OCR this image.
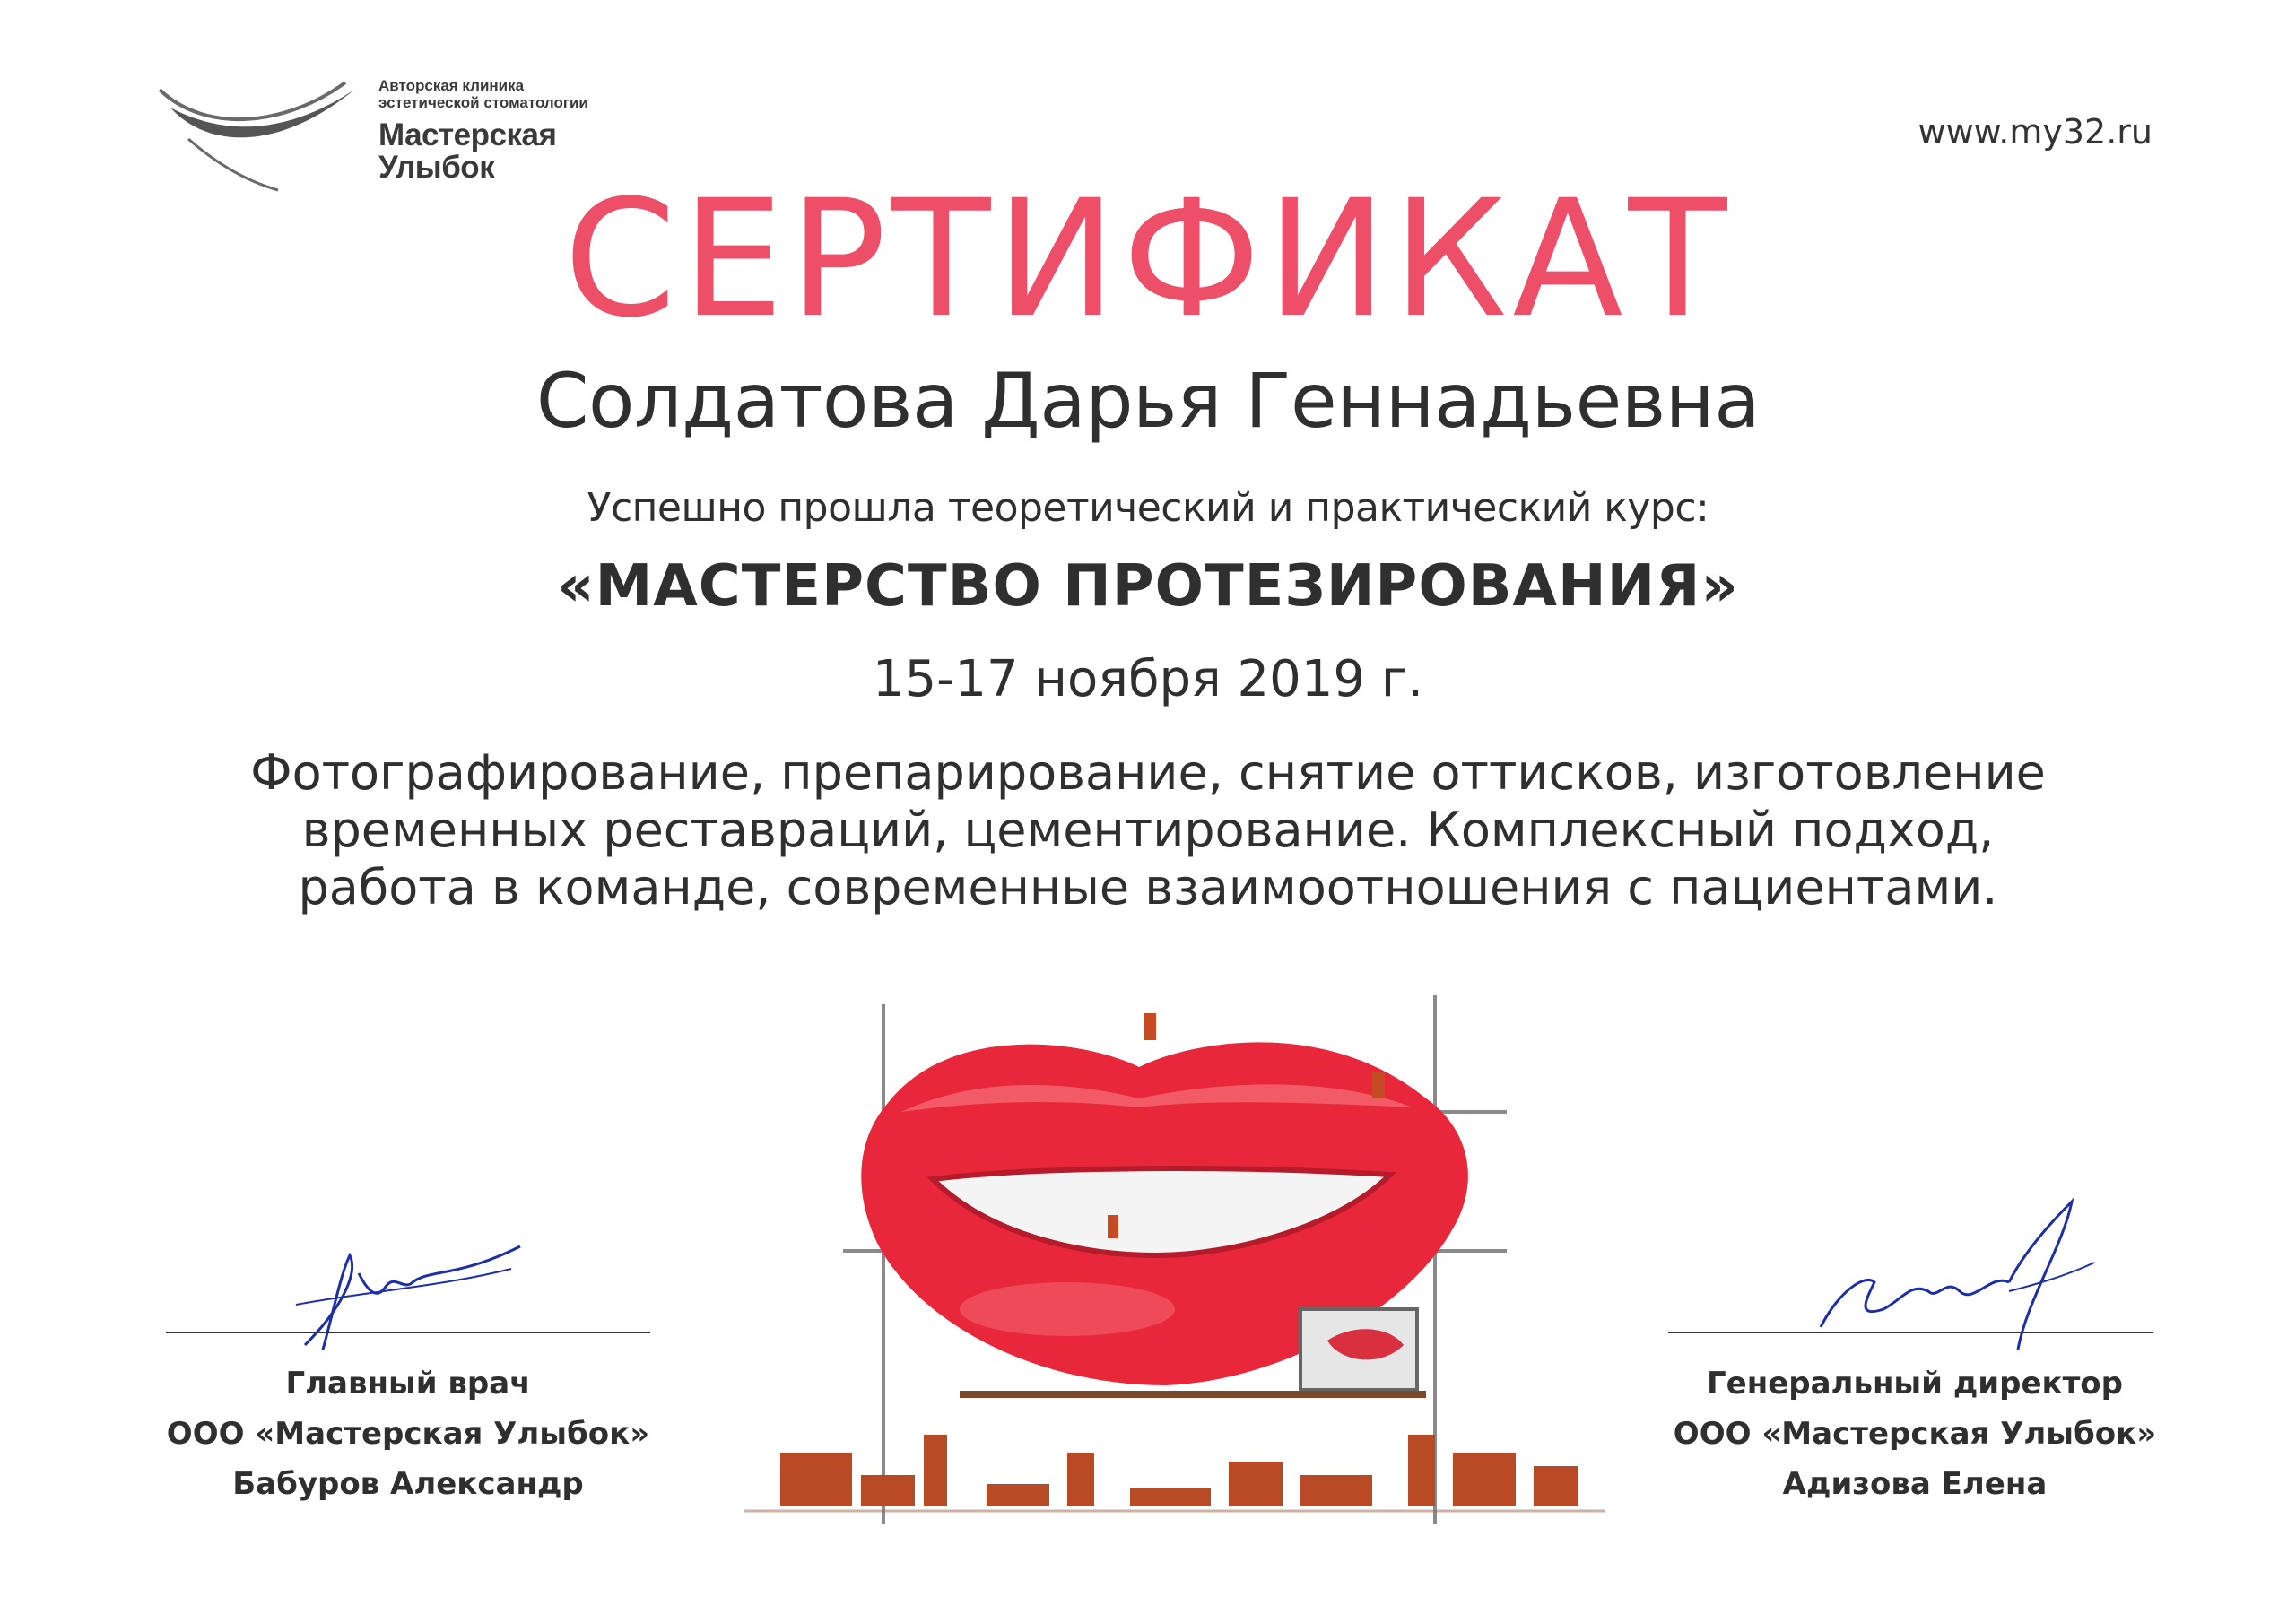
Авторская клиника
эстетической стоматологии
Мастерская
Улыбок
www.my32.ru
СЕРТИФИКАТ
Солдатова Дарья Геннадьевна
Успешно прошла теоретический и практический курс:
«МАСТЕРСТВО ПРОТЕЗИРОВАНИЯ»
15-17 ноября 2019 г.
Фотографирование, препарирование, снятие оттисков, изготовление
временных реставраций, цементирование. Комплексный подход,
работа в команде, современные взаимоотношения с пациентами.
Главный врач
ООО «Мастерская Улыбок»
Бабуров Александр
Генеральный директор
ООО «Мастерская Улыбок»
Адизова Елена
